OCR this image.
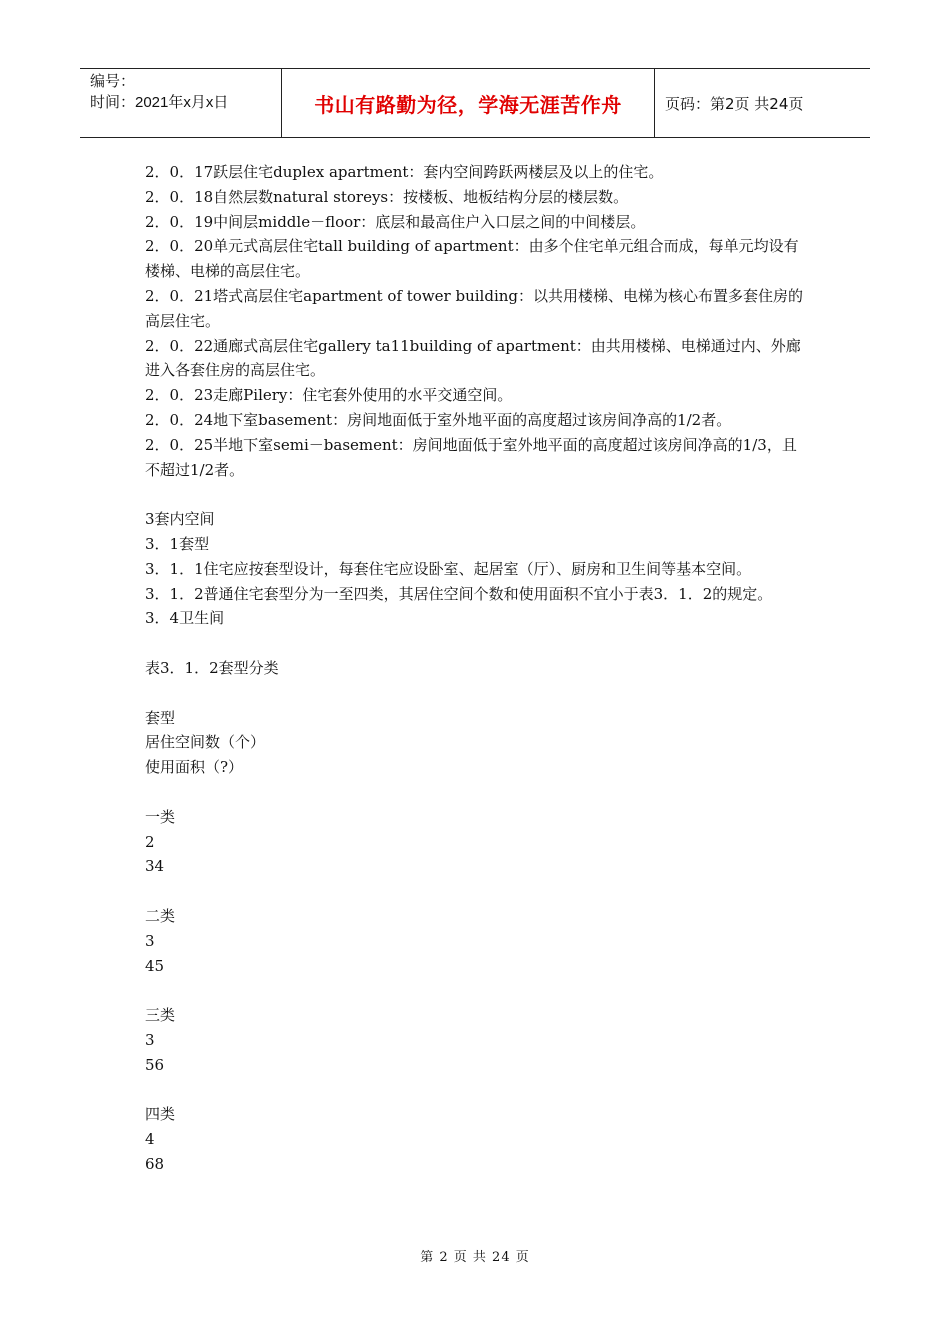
编号：
时间：2021年x月x日	书山有路勤为径，学海无涯苦作舟	页码：第2页 共24页

2．0．17跃层住宅duplex apartment：套内空间跨跃两楼层及以上的住宅。

2．0．18自然层数natural storeys：按楼板、地板结构分层的楼层数。

2．0．19中间层middle－floor：底层和最高住户入口层之间的中间楼层。

2．0．20单元式高层住宅tall building of apartment：由多个住宅单元组合而成，每单元均设有楼梯、电梯的高层住宅。

2．0．21塔式高层住宅apartment of tower building：以共用楼梯、电梯为核心布置多套住房的高层住宅。

2．0．22通廊式高层住宅gallery ta11building of apartment：由共用楼梯、电梯通过内、外廊进入各套住房的高层住宅。

2．0．23走廊Pilery：住宅套外使用的水平交通空间。

2．0．24地下室basement：房间地面低于室外地平面的高度超过该房间净高的1/2者。

2．0．25半地下室semi－basement：房间地面低于室外地平面的高度超过该房间净高的1/3，且不超过1/2者。

3套内空间

3．1套型

3．1．1住宅应按套型设计，每套住宅应设卧室、起居室（厅）、厨房和卫生间等基本空间。

3．1．2普通住宅套型分为一至四类，其居住空间个数和使用面积不宜小于表3．1．2的规定。

3．4卫生间

表3．1．2套型分类

套型

居住空间数（个）

使用面积（?）

一类

2

34

二类

3

45

三类

3

56

四类

4

68

第 2 页 共 24 页
